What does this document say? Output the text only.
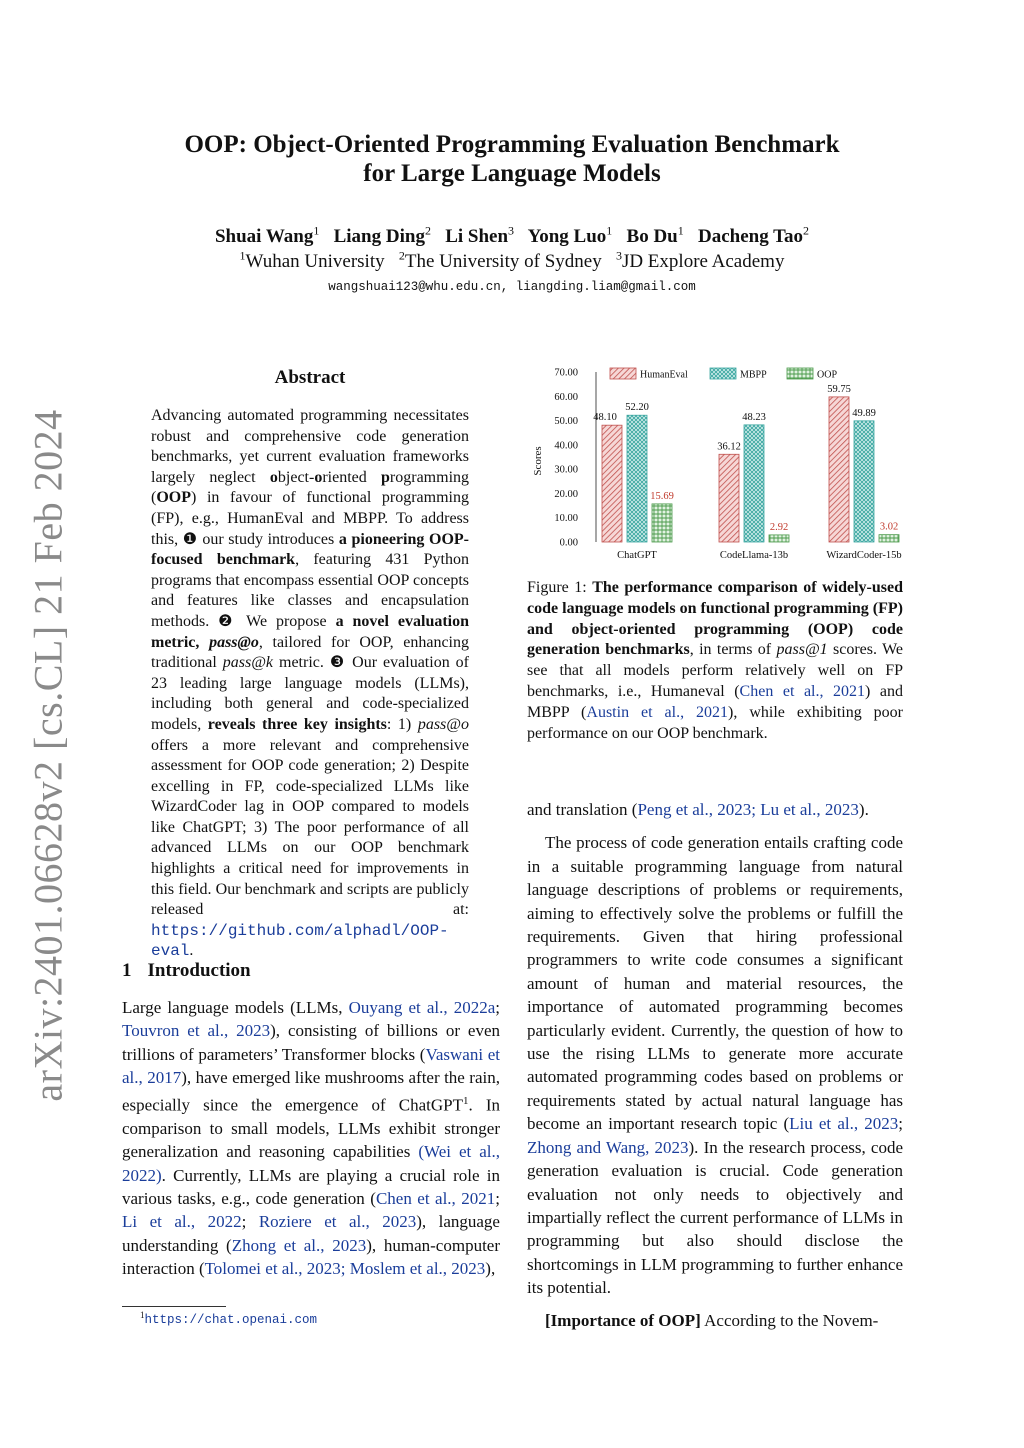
arXiv:2401.06628v2 [cs.CL] 21 Feb 2024
OOP: Object-Oriented Programming Evaluation Benchmark
for Large Language Models
Shuai Wang$^1$ Liang Ding$^2$ Li Shen$^3$ Yong Luo$^1$ Bo Du$^1$ Dacheng Tao$^2$
$^1$Wuhan University $^2$The University of Sydney $^3$JD Explore Academy
wangshuai123@whu.edu.cn, liangding.liam@gmail.com
Abstract
Advancing automated programming necessitates robust and comprehensive code generation benchmarks, yet current evaluation frameworks largely neglect object-oriented programming (OOP) in favour of functional programming (FP), e.g., HumanEval and MBPP. To address this, ❶ our study introduces a pioneering OOP-focused benchmark, featuring 431 Python programs that encompass essential OOP concepts and features like classes and encapsulation methods. ❷ We propose a novel evaluation metric, pass@o, tailored for OOP, enhancing traditional pass@k metric. ❸ Our evaluation of 23 leading large language models (LLMs), including both general and code-specialized models, reveals three key insights: 1) pass@o offers a more relevant and comprehensive assessment for OOP code generation; 2) Despite excelling in FP, code-specialized LLMs like WizardCoder lag in OOP compared to models like ChatGPT; 3) The poor performance of all advanced LLMs on our OOP benchmark highlights a critical need for improvements in this field. Our benchmark and scripts are publicly released at: https://github.com/alphadl/OOP-eval.
1 Introduction
Large language models (LLMs, Ouyang et al., 2022a; Touvron et al., 2023), consisting of billions or even trillions of parameters’ Transformer blocks (Vaswani et al., 2017), have emerged like mushrooms after the rain, especially since the emergence of ChatGPT$^1$. In comparison to small models, LLMs exhibit stronger generalization and reasoning capabilities (Wei et al., 2022). Currently, LLMs are playing a crucial role in various tasks, e.g., code generation (Chen et al., 2021; Li et al., 2022; Roziere et al., 2023), language understanding (Zhong et al., 2023), human-computer interaction (Tolomei et al., 2023; Moslem et al., 2023),
$^1$https://chat.openai.com
0.00
10.00
20.00
30.00
40.00
50.00
60.00
70.00
48.10
52.20
15.69
36.12
48.23
2.92
59.75
49.89
3.02
ChatGPT	CodeLlama-13b	WizardCoder-15b
HumanEval	MBPP	OOP
Scores
Figure 1: The performance comparison of widely-used code language models on functional programming (FP) and object-oriented programming (OOP) code generation benchmarks, in terms of pass@1 scores. We see that all models perform relatively well on FP benchmarks, i.e., Humaneval (Chen et al., 2021) and MBPP (Austin et al., 2021), while exhibiting poor performance on our OOP benchmark.

and translation (Peng et al., 2023; Lu et al., 2023).

The process of code generation entails crafting code in a suitable programming language from natural language descriptions of problems or requirements, aiming to effectively solve the problems or fulfill the requirements. Given that hiring professional programmers to write code consumes a significant amount of human and material resources, the importance of automated programming becomes particularly evident. Currently, the question of how to use the rising LLMs to generate more accurate automated programming codes based on problems or requirements stated by actual natural language has become an important research topic (Liu et al., 2023; Zhong and Wang, 2023). In the research process, code generation evaluation is crucial. Code generation evaluation not only needs to objectively and impartially reflect the current performance of LLMs in programming but also should disclose the shortcomings in LLM programming to further enhance its potential.

[Importance of OOP] According to the Novem-
